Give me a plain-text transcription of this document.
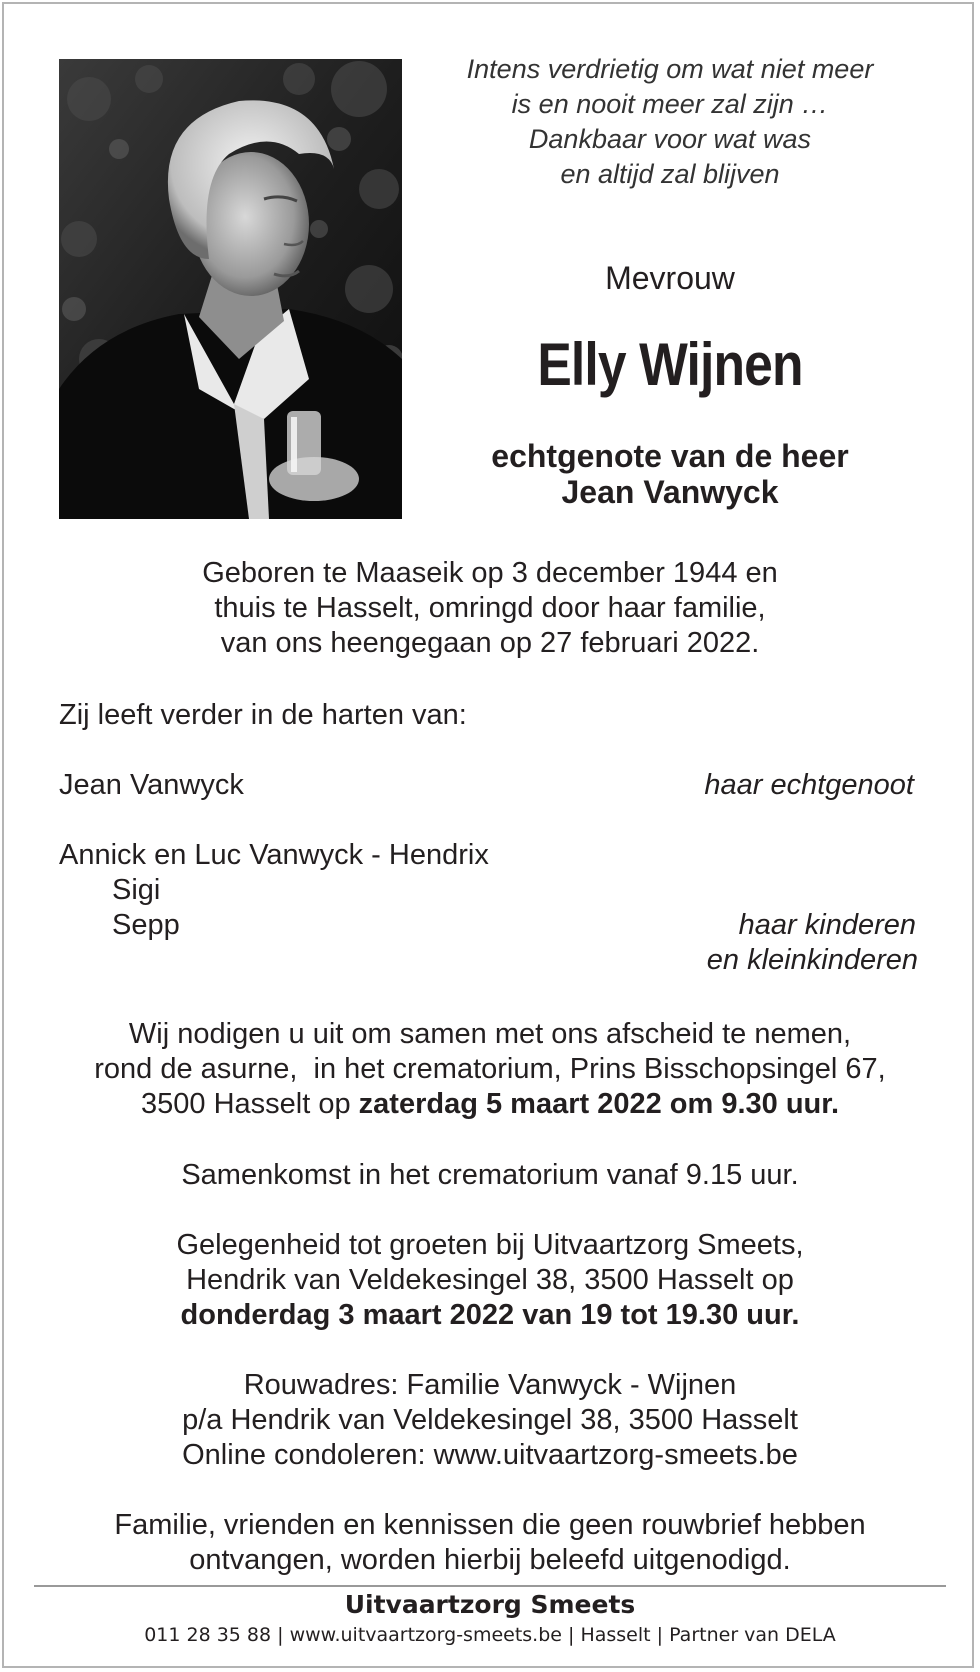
Intens verdrietig om wat niet meer
is en nooit meer zal zijn …
Dankbaar voor wat was
en altijd zal blijven
Mevrouw
Elly Wijnen
echtgenote van de heer
Jean Vanwyck
Geboren te Maaseik op 3 december 1944 en
thuis te Hasselt, omringd door haar familie,
van ons heengegaan op 27 februari 2022.
Zij leeft verder in de harten van:
Jean Vanwyck	haar echtgenoot
Annick en Luc Vanwyck - Hendrix
Sigi
Sepp	haar kinderen
en kleinkinderen
Wij nodigen u uit om samen met ons afscheid te nemen,
rond de asurne,  in het crematorium, Prins Bisschopsingel 67,
3500 Hasselt op zaterdag 5 maart 2022 om 9.30 uur.
Samenkomst in het crematorium vanaf 9.15 uur.
Gelegenheid tot groeten bij Uitvaartzorg Smeets,
Hendrik van Veldekesingel 38, 3500 Hasselt op
donderdag 3 maart 2022 van 19 tot 19.30 uur.
Rouwadres: Familie Vanwyck - Wijnen
p/a Hendrik van Veldekesingel 38, 3500 Hasselt
Online condoleren: www.uitvaartzorg-smeets.be
Familie, vrienden en kennissen die geen rouwbrief hebben
ontvangen, worden hierbij beleefd uitgenodigd.
Uitvaartzorg Smeets
011 28 35 88 | www.uitvaartzorg-smeets.be | Hasselt | Partner van DELA
